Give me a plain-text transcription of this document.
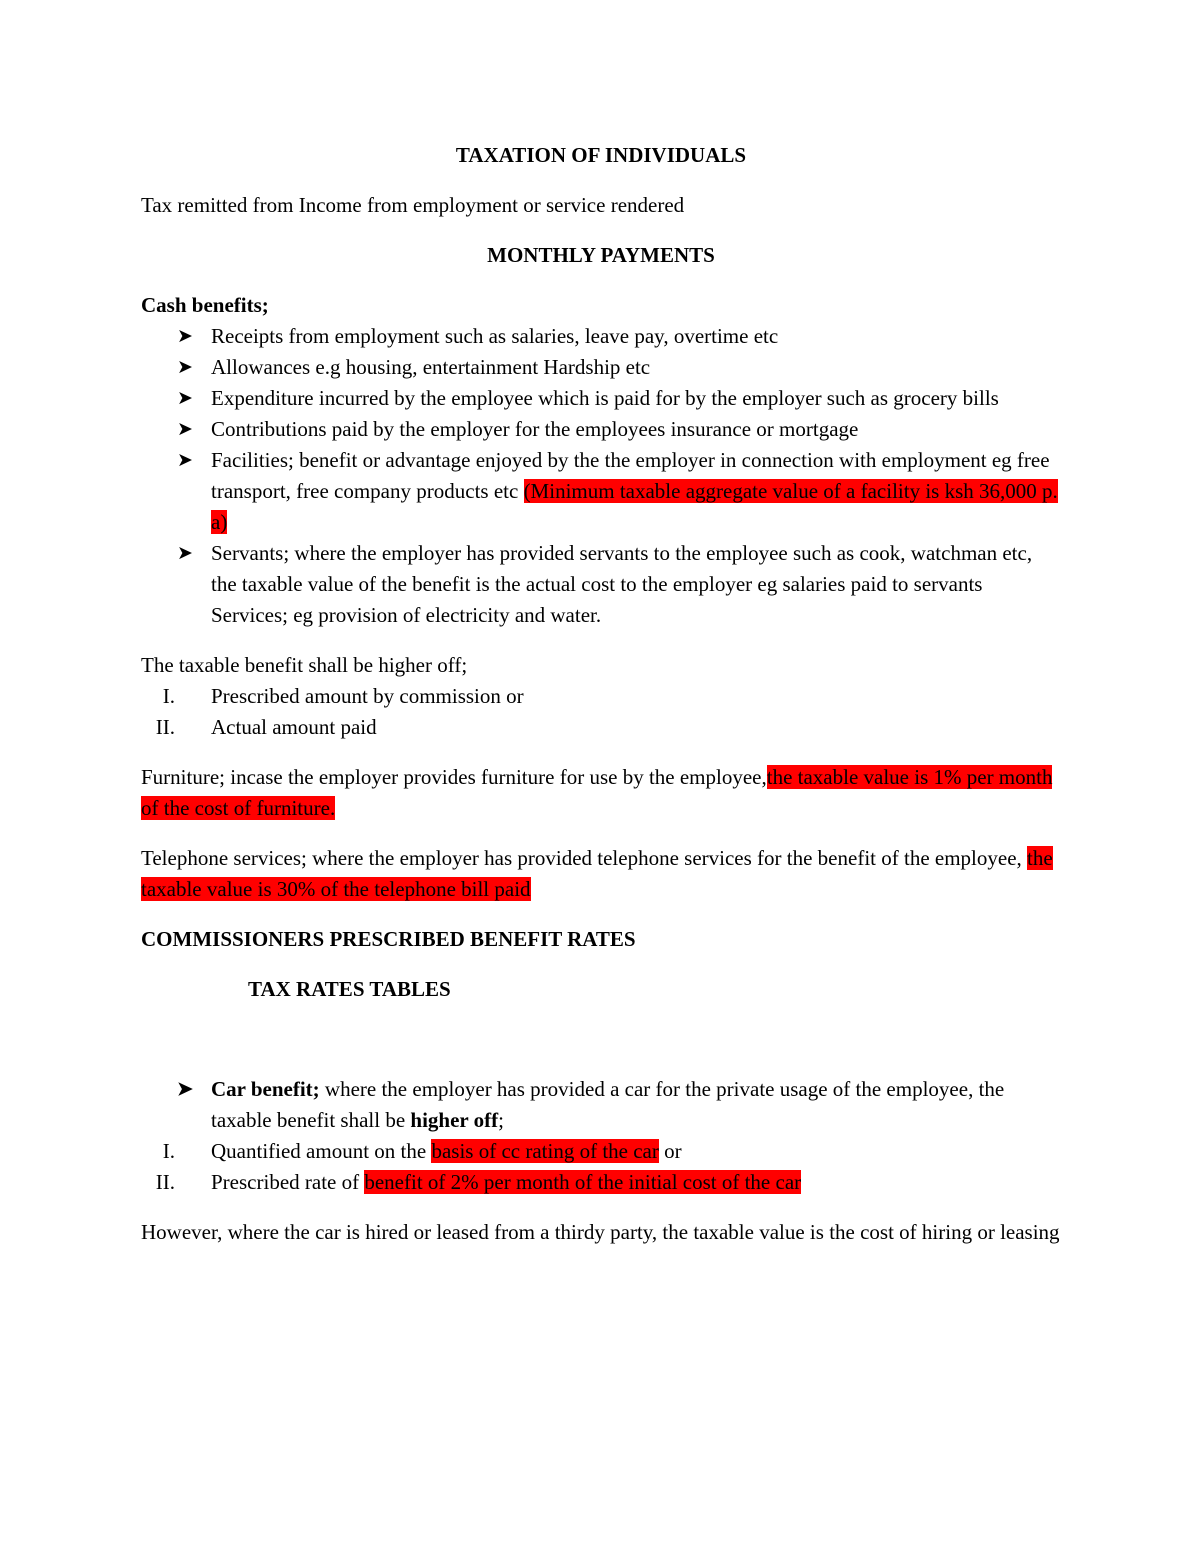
TAXATION OF INDIVIDUALS

Tax remitted from Income from employment or service rendered

MONTHLY PAYMENTS

Cash benefits;

➤ Receipts from employment such as salaries, leave pay, overtime etc
➤ Allowances e.g housing, entertainment Hardship etc
➤ Expenditure incurred by the employee which is paid for by the employer such as grocery bills
➤ Contributions paid by the employer for the employees insurance or mortgage
➤ Facilities; benefit or advantage enjoyed by the the employer in connection with employment eg free transport, free company products etc (Minimum taxable aggregate value of a facility is ksh 36,000 p. a)
➤ Servants; where the employer has provided servants to the employee such as cook, watchman etc, the taxable value of the benefit is the actual cost to the employer eg salaries paid to servants Services; eg provision of electricity and water.

The taxable benefit shall be higher off;

I. Prescribed amount by commission or
II. Actual amount paid

Furniture; incase the employer provides furniture for use by the employee,the taxable value is 1% per month of the cost of furniture.

Telephone services; where the employer has provided telephone services for the benefit of the employee, the taxable value is 30% of the telephone bill paid

COMMISSIONERS PRESCRIBED BENEFIT RATES

TAX RATES TABLES

➤ Car benefit; where the employer has provided a car for the private usage of the employee, the taxable benefit shall be higher off;
I. Quantified amount on the basis of cc rating of the car or
II. Prescribed rate of benefit of 2% per month of the initial cost of the car

However, where the car is hired or leased from a thirdy party, the taxable value is the cost of hiring or leasing
